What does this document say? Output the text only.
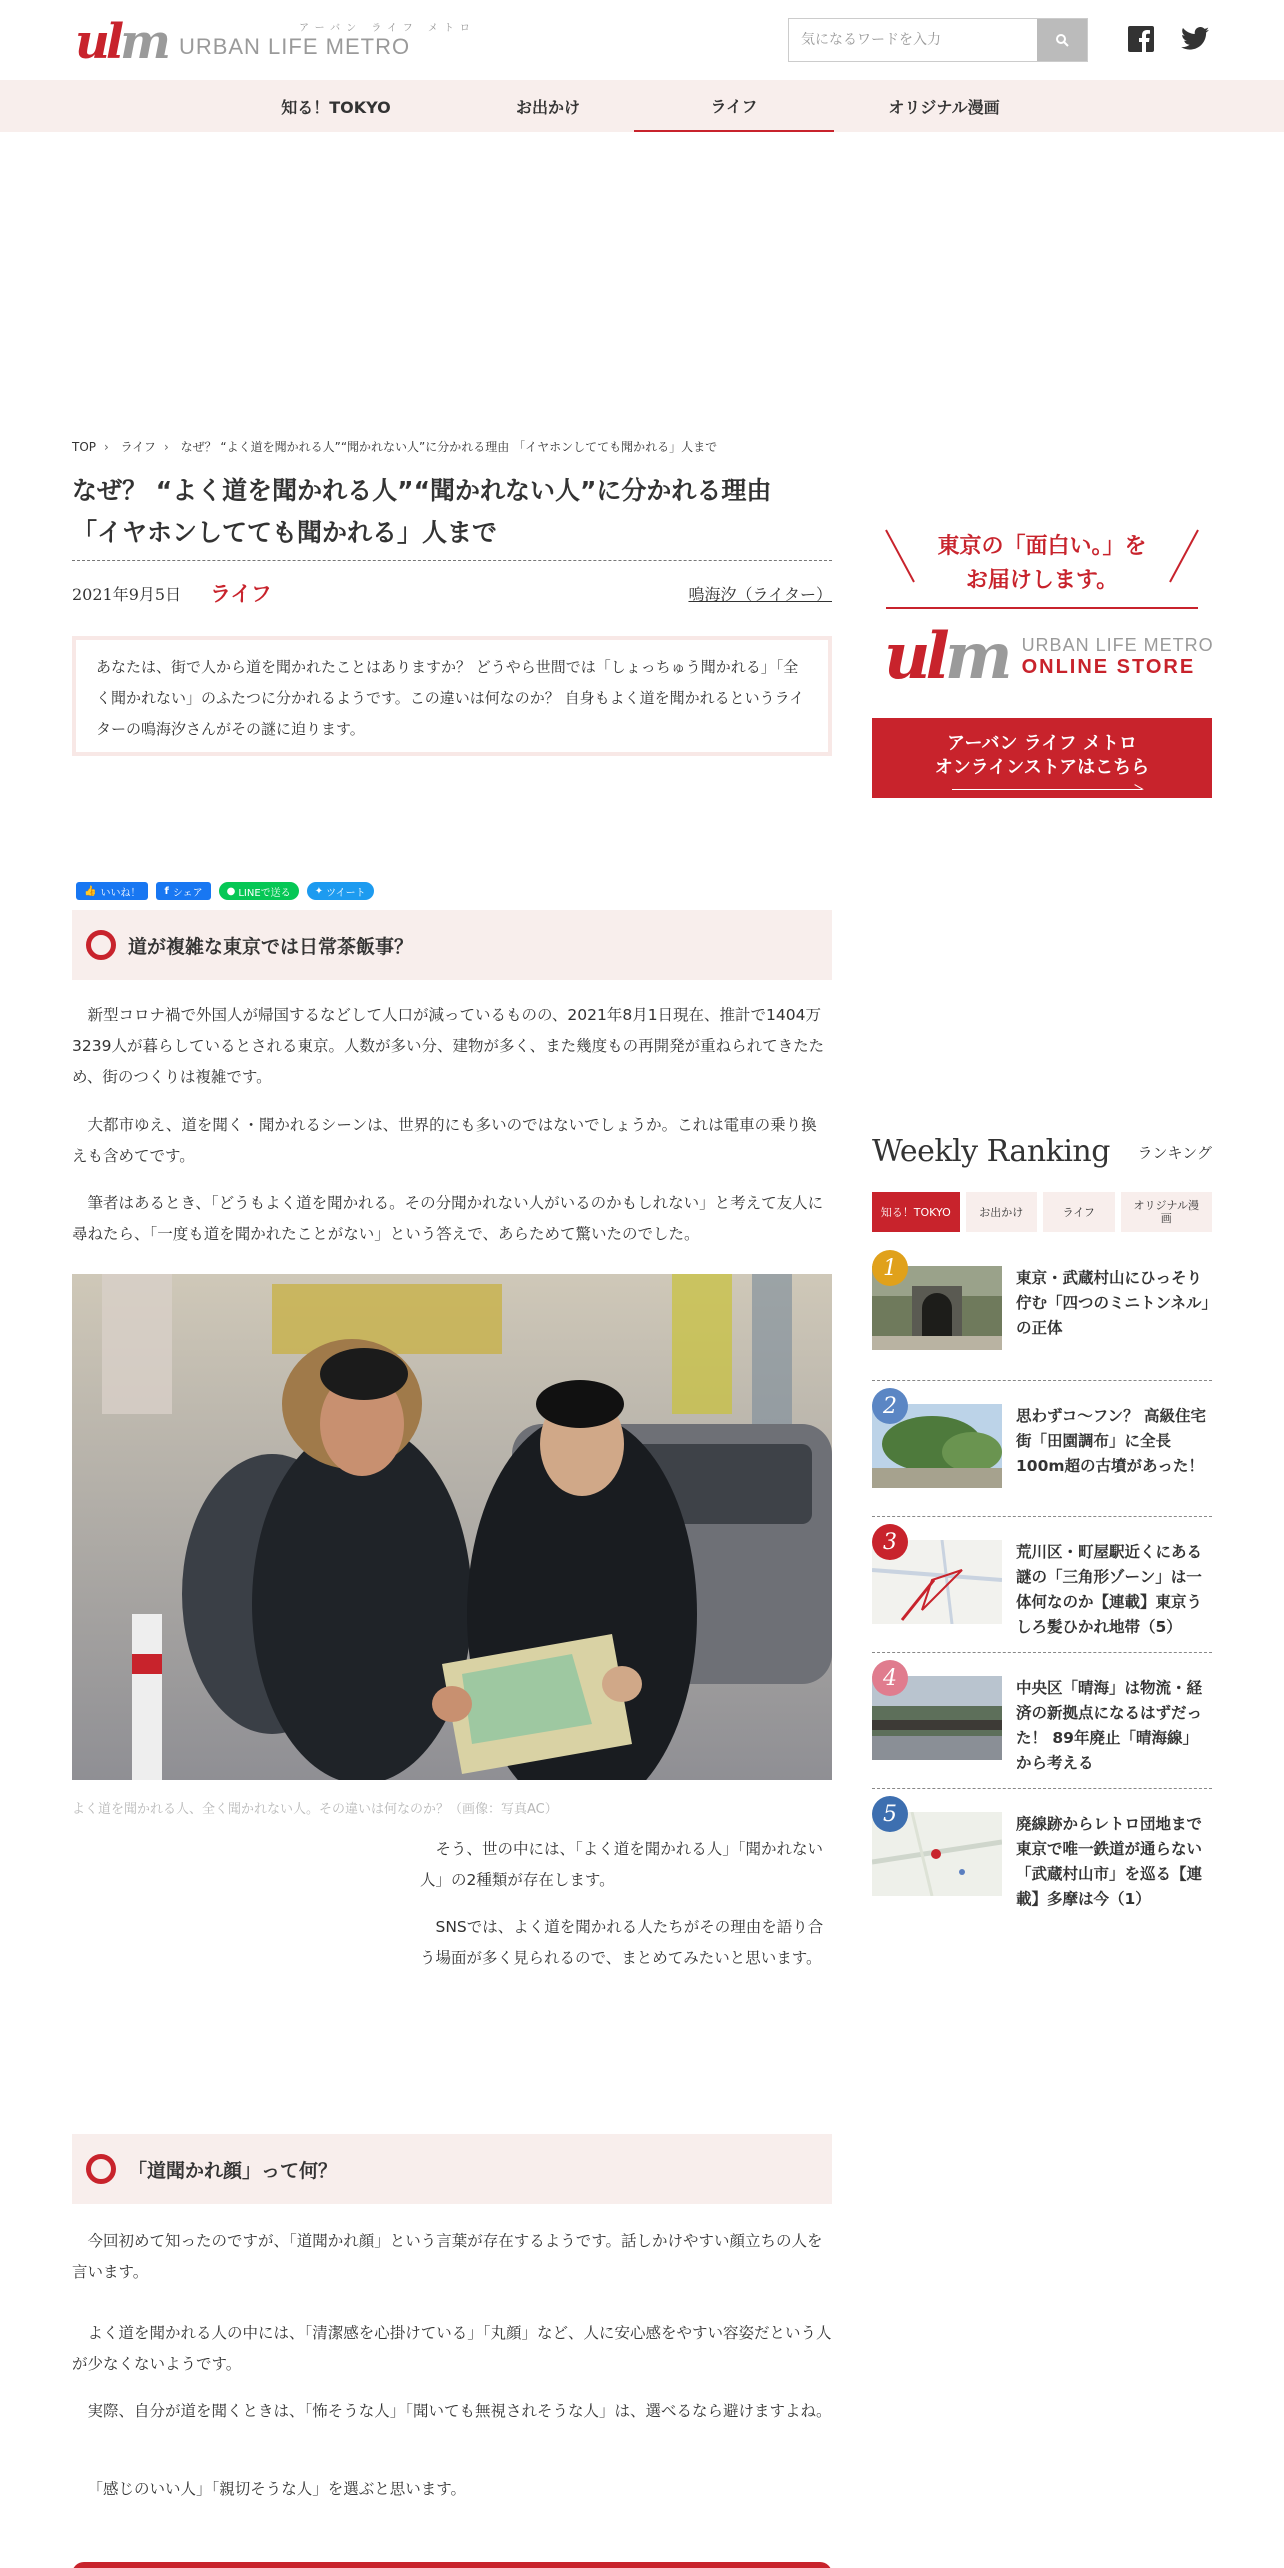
ulm	アーバン ライフ メトロ
URBAN LIFE METRO
気になるワードを入力
知る！TOKYO	お出かけ	ライフ	オリジナル漫画
TOP › ライフ › なぜ？ “よく道を聞かれる人”“聞かれない人”に分かれる理由 「イヤホンしてても聞かれる」人まで
なぜ？ “よく道を聞かれる人”“聞かれない人”に分かれる理由
「イヤホンしてても聞かれる」人まで
2021年9月5日 ライフ	鳴海汐（ライター）
あなたは、街で人から道を聞かれたことはありますか？ どうやら世間では「しょっちゅう聞かれる」「全く聞かれない」のふたつに分かれるようです。この違いは何なのか？ 自身もよく道を聞かれるというライターの鳴海汐さんがその謎に迫ります。
👍 いいね！ f シェア ● LINEで送る ✦ ツイート
道が複雑な東京では日常茶飯事？
新型コロナ禍で外国人が帰国するなどして人口が減っているものの、2021年8月1日現在、推計で1404万3239人が暮らしているとされる東京。人数が多い分、建物が多く、また幾度もの再開発が重ねられてきたため、街のつくりは複雑です。
大都市ゆえ、道を聞く・聞かれるシーンは、世界的にも多いのではないでしょうか。これは電車の乗り換えも含めてです。
筆者はあるとき、「どうもよく道を聞かれる。その分聞かれない人がいるのかもしれない」と考えて友人に尋ねたら、「一度も道を聞かれたことがない」という答えで、あらためて驚いたのでした。
よく道を聞かれる人、全く聞かれない人。その違いは何なのか？（画像：写真AC）
そう、世の中には、「よく道を聞かれる人」「聞かれない人」の2種類が存在します。
SNSでは、よく道を聞かれる人たちがその理由を語り合う場面が多く見られるので、まとめてみたいと思います。
「道聞かれ顔」って何？
今回初めて知ったのですが、「道聞かれ顔」という言葉が存在するようです。話しかけやすい顔立ちの人を言います。
よく道を聞かれる人の中には、「清潔感を心掛けている」「丸顔」など、人に安心感をやすい容姿だという人が少なくないようです。
実際、自分が道を聞くときは、「怖そうな人」「聞いても無視されそうな人」は、選べるなら避けますよね。
「感じのいい人」「親切そうな人」を選ぶと思います。
東京の「面白い。」を
お届けします。
ulm URBAN LIFE METRO
ONLINE STORE
アーバン ライフ メトロ
オンラインストアはこちら
Weekly Ranking ランキング
知る！TOKYO	お出かけ	ライフ	オリジナル漫画
1	東京・武蔵村山にひっそり佇む「四つのミニトンネル」の正体
2	思わずコ～フン？ 高級住宅街「田園調布」に全長100m超の古墳があった！
3	荒川区・町屋駅近くにある謎の「三角形ゾーン」は一体何なのか【連載】東京うしろ髪ひかれ地帯（5）
4	中央区「晴海」は物流・経済の新拠点になるはずだった！ 89年廃止「晴海線」から考える
5	廃線跡からレトロ団地まで 東京で唯一鉄道が通らない「武蔵村山市」を巡る【連載】多摩は今（1）
